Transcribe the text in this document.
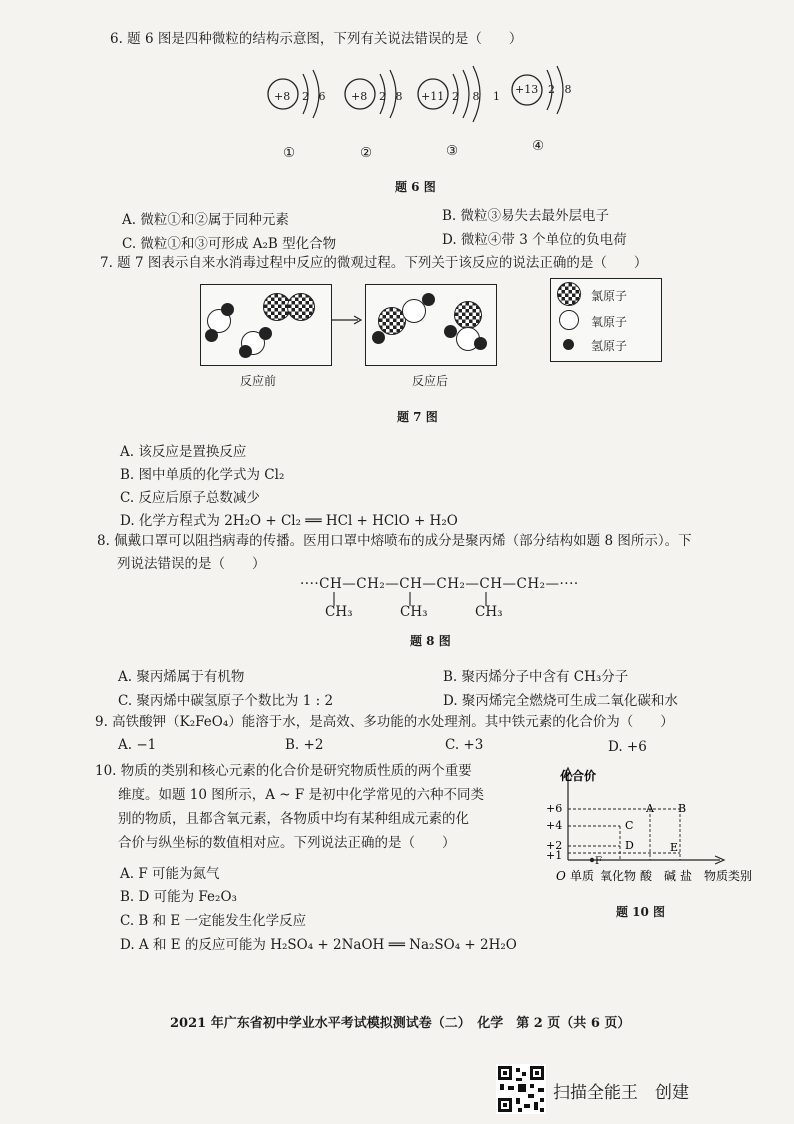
6. 题 6 图是四种微粒的结构示意图，下列有关说法错误的是（　　）
+8 2 6 +8 2 8 +11 2 8 1
+13 2 8
①	②	③	④
题 6 图
A. 微粒①和②属于同种元素	B. 微粒③易失去最外层电子
C. 微粒①和③可形成 A₂B 型化合物	D. 微粒④带 3 个单位的负电荷
7. 题 7 图表示自来水消毒过程中反应的微观过程。下列关于该反应的说法正确的是（　　）
氯原子
氧原子
氢原子
反应前	反应后
题 7 图
A. 该反应是置换反应
B. 图中单质的化学式为 Cl₂
C. 反应后原子总数减少
D. 化学方程式为 2H₂O + Cl₂ ══ HCl + HClO + H₂O
8. 佩戴口罩可以阻挡病毒的传播。医用口罩中熔喷布的成分是聚丙烯（部分结构如题 8 图所示）。下
列说法错误的是（　　）
····CH—CH₂—CH—CH₂—CH—CH₂—····
CH₃	CH₃	CH₃
题 8 图
A. 聚丙烯属于有机物	B. 聚丙烯分子中含有 CH₃分子
C. 聚丙烯中碳氢原子个数比为 1 : 2	D. 聚丙烯完全燃烧可生成二氧化碳和水
9. 高铁酸钾（K₂FeO₄）能溶于水，是高效、多功能的水处理剂。其中铁元素的化合价为（　　）
A. −1	B. +2	C. +3	D. +6
10. 物质的类别和核心元素的化合价是研究物质性质的两个重要
维度。如题 10 图所示，A ~ F 是初中化学常见的六种不同类
别的物质，且都含氧元素，各物质中均有某种组成元素的化
合价与纵坐标的数值相对应。下列说法正确的是（　　）
A. F 可能为氮气
B. D 可能为 Fe₂O₃
C. B 和 E 一定能发生化学反应
D. A 和 E 的反应可能为 H₂SO₄ + 2NaOH ══ Na₂SO₄ + 2H₂O
化合价
+6
+4
+2
+1
A B
C
D	E
F
O 单质 氧化物 酸 碱 盐 物质类别
题 10 图
2021 年广东省初中学业水平考试模拟测试卷（二）　化学　第 2 页（共 6 页）
扫描全能王　创建
